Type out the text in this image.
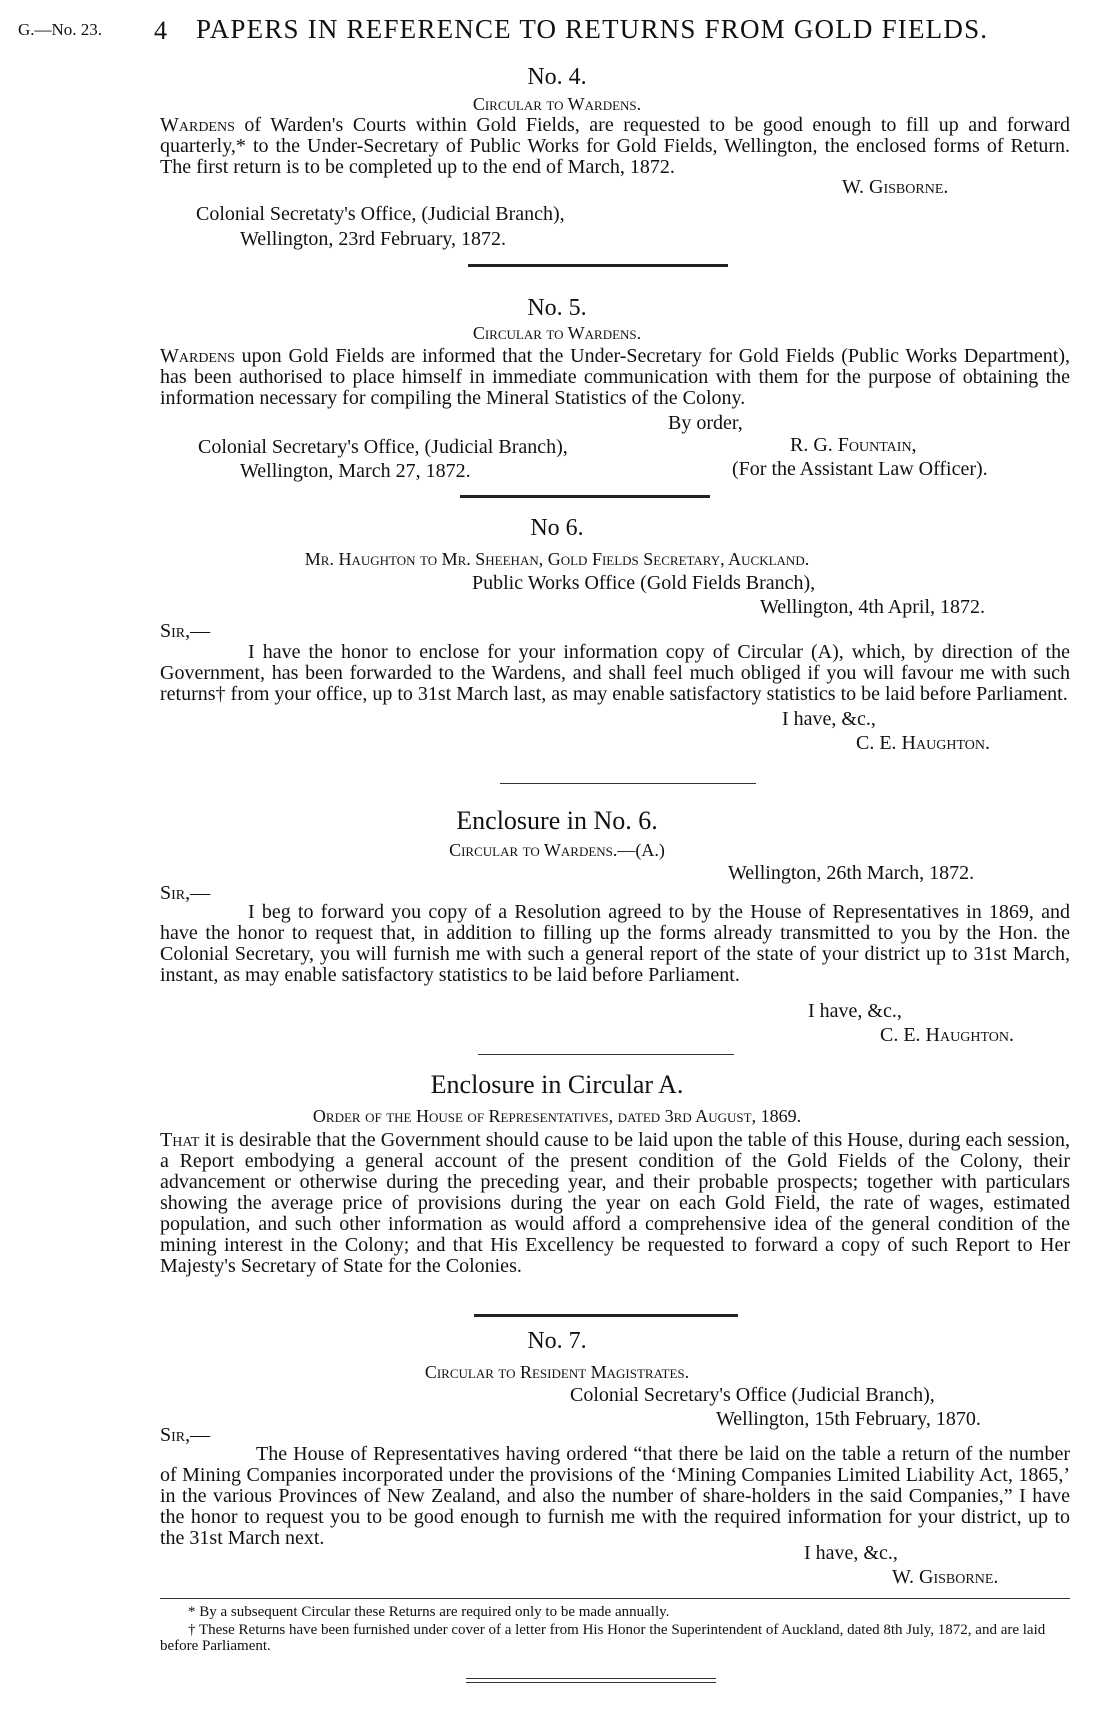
G.—No. 23. 4 PAPERS IN REFERENCE TO RETURNS FROM GOLD FIELDS.
No. 4.
Circular to Wardens.
Wardens of Warden's Courts within Gold Fields, are requested to be good enough to fill up and forward quarterly,* to the Under-Secretary of Public Works for Gold Fields, Wellington, the enclosed forms of Return. The first return is to be completed up to the end of March, 1872.
W. Gisborne.
Colonial Secretaty's Office, (Judicial Branch),
Wellington, 23rd February, 1872.
No. 5.
Circular to Wardens.
Wardens upon Gold Fields are informed that the Under-Secretary for Gold Fields (Public Works Department), has been authorised to place himself in immediate communication with them for the purpose of obtaining the information necessary for compiling the Mineral Statistics of the Colony.
By order,
Colonial Secretary's Office, (Judicial Branch),	R. G. Fountain,
Wellington, March 27, 1872.	(For the Assistant Law Officer).
No 6.
Mr. Haughton to Mr. Sheehan, Gold Fields Secretary, Auckland.
Public Works Office (Gold Fields Branch),
Wellington, 4th April, 1872.
Sir,—
I have the honor to enclose for your information copy of Circular (A), which, by direction of the Government, has been forwarded to the Wardens, and shall feel much obliged if you will favour me with such returns† from your office, up to 31st March last, as may enable satisfactory statistics to be laid before Parliament.
I have, &c.,
C. E. Haughton.
Enclosure in No. 6.
Circular to Wardens.—(A.)
Wellington, 26th March, 1872.
Sir,—
I beg to forward you copy of a Resolution agreed to by the House of Representatives in 1869, and have the honor to request that, in addition to filling up the forms already transmitted to you by the Hon. the Colonial Secretary, you will furnish me with such a general report of the state of your district up to 31st March, instant, as may enable satisfactory statistics to be laid before Parliament.
I have, &c.,
C. E. Haughton.
Enclosure in Circular A.
Order of the House of Representatives, dated 3rd August, 1869.
That it is desirable that the Government should cause to be laid upon the table of this House, during each session, a Report embodying a general account of the present condition of the Gold Fields of the Colony, their advancement or otherwise during the preceding year, and their probable prospects; together with particulars showing the average price of provisions during the year on each Gold Field, the rate of wages, estimated population, and such other information as would afford a comprehensive idea of the general condition of the mining interest in the Colony; and that His Excellency be requested to forward a copy of such Report to Her Majesty's Secretary of State for the Colonies.
No. 7.
Circular to Resident Magistrates.
Colonial Secretary's Office (Judicial Branch),
Wellington, 15th February, 1870.
Sir,—
The House of Representatives having ordered “that there be laid on the table a return of the number of Mining Companies incorporated under the provisions of the ‘Mining Companies Limited Liability Act, 1865,’ in the various Provinces of New Zealand, and also the number of share-holders in the said Companies,” I have the honor to request you to be good enough to furnish me with the required information for your district, up to the 31st March next.
I have, &c.,
W. Gisborne.
* By a subsequent Circular these Returns are required only to be made annually.
† These Returns have been furnished under cover of a letter from His Honor the Superintendent of Auckland, dated 8th July, 1872, and are laid before Parliament.
